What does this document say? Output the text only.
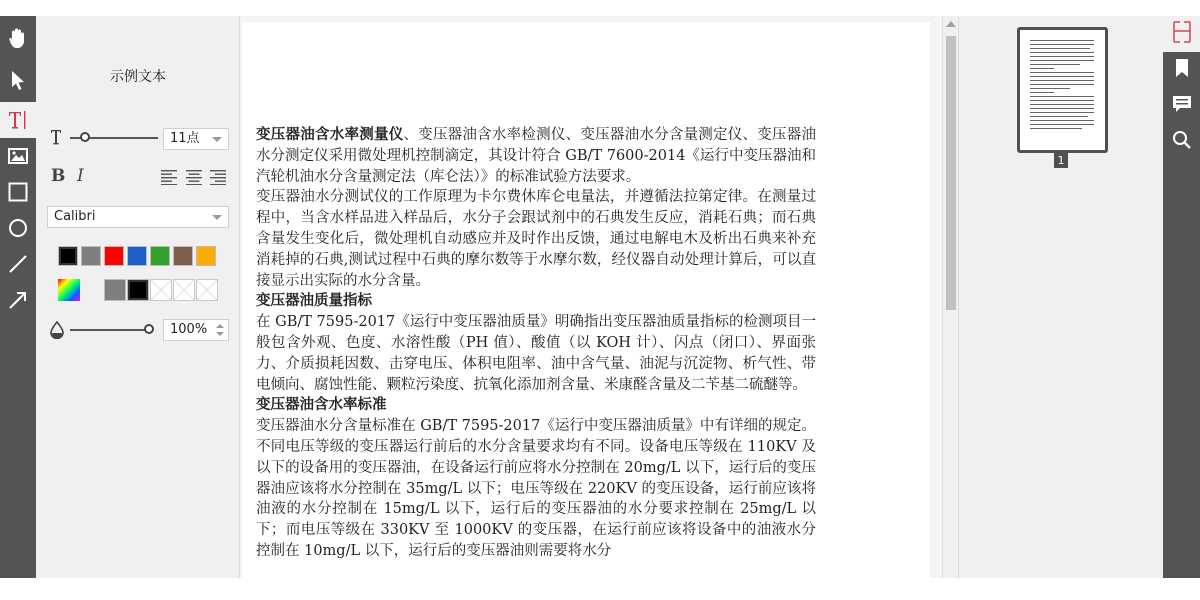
示例文本
11点
B I
Calibri
100%

变压器油含水率测量仪、变压器油含水率检测仪、变压器油水分含量测定仪、变压器油水分测定仪采用微处理机控制滴定，其设计符合 GB/T 7600-2014《运行中变压器油和汽轮机油水分含量测定法（库仑法）》的标准试验方法要求。

变压器油水分测试仪的工作原理为卡尔费休库仑电量法，并遵循法拉第定律。在测量过程中，当含水样品进入样品后，水分子会跟试剂中的石典发生反应，消耗石典；而石典含量发生变化后，微处理机自动感应并及时作出反馈，通过电解电木及析出石典来补充消耗掉的石典,测试过程中石典的摩尔数等于水摩尔数，经仪器自动处理计算后，可以直接显示出实际的水分含量。

变压器油质量指标

在 GB/T 7595-2017《运行中变压器油质量》明确指出变压器油质量指标的检测项目一般包含外观、色度、水溶性酸（PH 值）、酸值（以 KOH 计）、闪点（闭口）、界面张力、介质损耗因数、击穿电压、体积电阻率、油中含气量、油泥与沉淀物、析气性、带电倾向、腐蚀性能、颗粒污染度、抗氧化添加剂含量、米康醛含量及二苄基二硫醚等。

变压器油含水率标准

变压器油水分含量标准在 GB/T 7595-2017《运行中变压器油质量》中有详细的规定。不同电压等级的变压器运行前后的水分含量要求均有不同。设备电压等级在 110KV 及以下的设备用的变压器油，在设备运行前应将水分控制在 20mg/L 以下，运行后的变压器油应该将水分控制在 35mg/L 以下；电压等级在 220KV 的变压设备，运行前应该将油液的水分控制在 15mg/L 以下，运行后的变压器油的水分要求控制在 25mg/L 以下；而电压等级在 330KV 至 1000KV 的变压器，在运行前应该将设备中的油液水分控制在 10mg/L 以下，运行后的变压器油则需要将水分

1
